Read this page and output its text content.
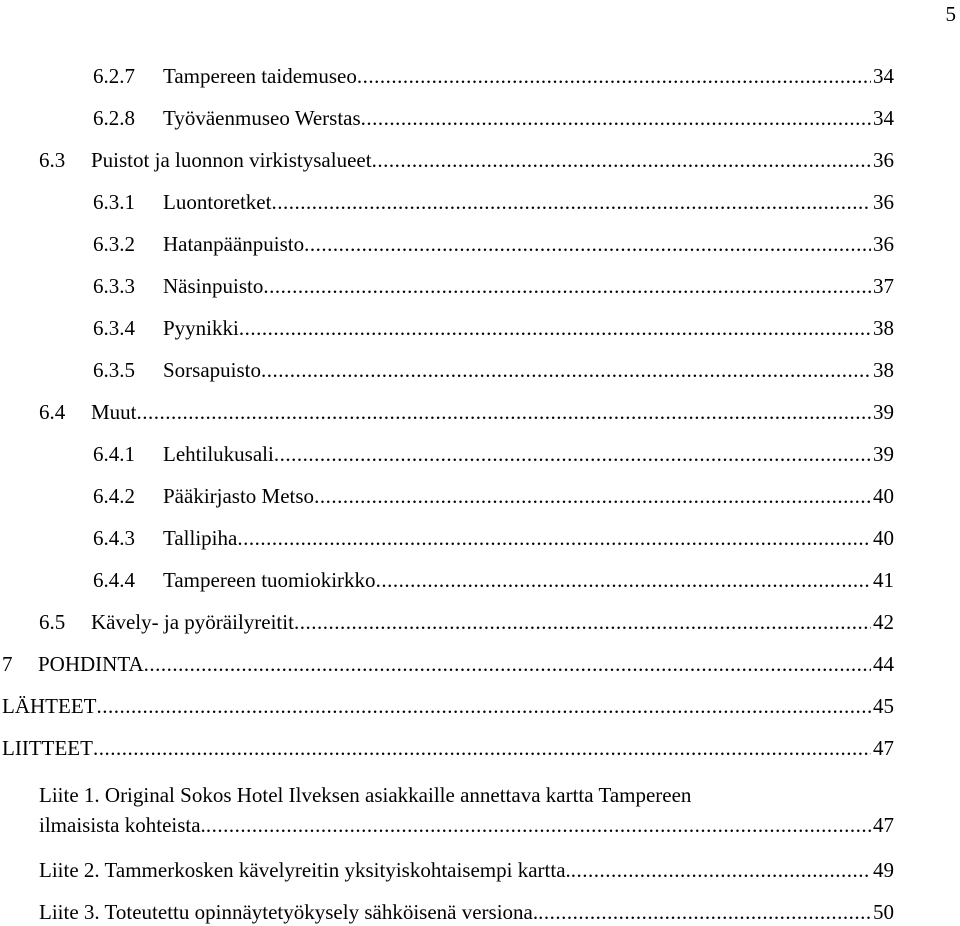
5
6.2.7	Tampereen taidemuseo .....	34
6.2.8	Työväenmuseo Werstas .....	34
6.3	Puistot ja luonnon virkistysalueet .....	36
6.3.1	Luontoretket .....	36
6.3.2	Hatanpäänpuisto .....	36
6.3.3	Näsinpuisto .....	37
6.3.4	Pyynikki .....	38
6.3.5	Sorsapuisto .....	38
6.4	Muut .....	39
6.4.1	Lehtilukusali .....	39
6.4.2	Pääkirjasto Metso .....	40
6.4.3	Tallipiha .....	40
6.4.4	Tampereen tuomiokirkko .....	41
6.5	Kävely- ja pyöräilyreitit .....	42
7	POHDINTA .....	44
LÄHTEET .....	45
LIITTEET .....	47
Liite 1. Original Sokos Hotel Ilveksen asiakkaille annettava kartta Tampereen
ilmaisista kohteista. .....	47
Liite 2. Tammerkosken kävelyreitin yksityiskohtaisempi kartta. .....	49
Liite 3. Toteutettu opinnäytetyökysely sähköisenä versiona. .....	50
